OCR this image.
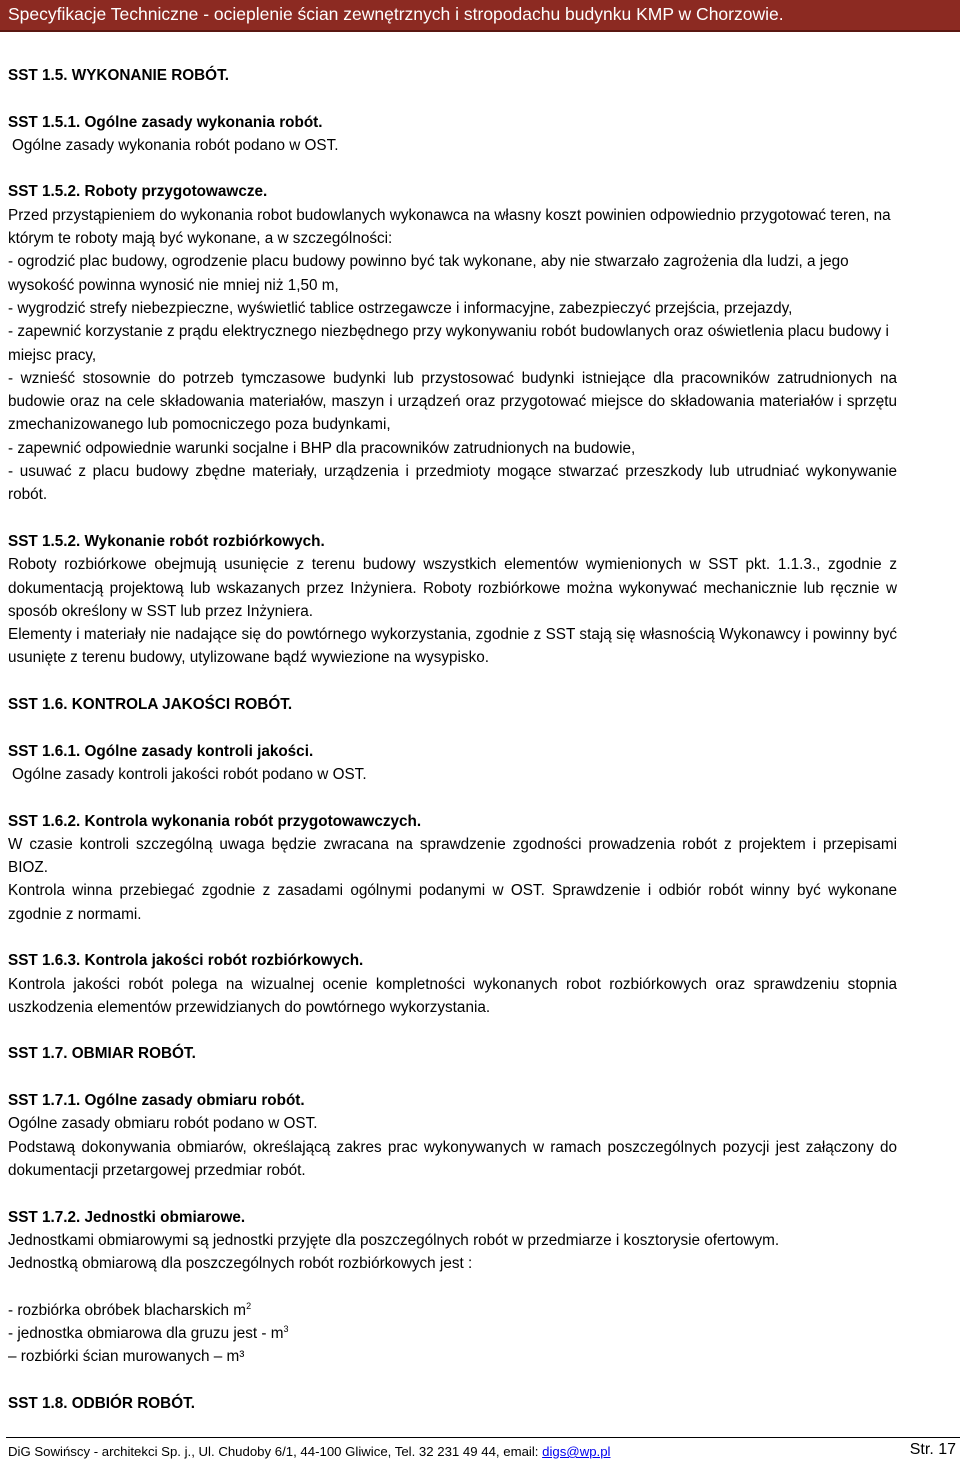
Specyfikacje Techniczne - ocieplenie ścian zewnętrznych i stropodachu budynku KMP w Chorzowie.

SST 1.5. WYKONANIE ROBÓT.

SST 1.5.1. Ogólne zasady wykonania robót.

Ogólne zasady wykonania robót podano w OST.

SST 1.5.2. Roboty przygotowawcze.

Przed przystąpieniem do wykonania robot budowlanych wykonawca na własny koszt powinien odpowiednio przygotować teren, na którym te roboty mają być wykonane, a w szczególności:

- ogrodzić plac budowy, ogrodzenie placu budowy powinno być tak wykonane, aby nie stwarzało zagrożenia dla ludzi, a jego wysokość powinna wynosić nie mniej niż 1,50 m,

- wygrodzić strefy niebezpieczne, wyświetlić tablice ostrzegawcze i informacyjne, zabezpieczyć przejścia, przejazdy,

- zapewnić korzystanie z prądu elektrycznego niezbędnego przy wykonywaniu robót budowlanych oraz oświetlenia placu budowy i miejsc pracy,

- wznieść stosownie do potrzeb tymczasowe budynki lub przystosować budynki istniejące dla pracowników zatrudnionych na budowie oraz na cele składowania materiałów, maszyn i urządzeń oraz przygotować miejsce do składowania materiałów i sprzętu zmechanizowanego lub pomocniczego poza budynkami,

- zapewnić odpowiednie warunki socjalne i BHP dla pracowników zatrudnionych na budowie,

- usuwać z placu budowy zbędne materiały, urządzenia i przedmioty mogące stwarzać przeszkody lub utrudniać wykonywanie robót.

SST 1.5.2. Wykonanie robót rozbiórkowych.

Roboty rozbiórkowe obejmują usunięcie z terenu budowy wszystkich elementów wymienionych w SST pkt. 1.1.3., zgodnie z dokumentacją projektową lub wskazanych przez Inżyniera. Roboty rozbiórkowe można wykonywać mechanicznie lub ręcznie w sposób określony w SST lub przez Inżyniera.

Elementy i materiały nie nadające się do powtórnego wykorzystania, zgodnie z SST stają się własnością Wykonawcy i powinny być usunięte z terenu budowy, utylizowane bądź wywiezione na wysypisko.

SST 1.6. KONTROLA JAKOŚCI ROBÓT.

SST 1.6.1. Ogólne zasady kontroli jakości.

Ogólne zasady kontroli jakości robót podano w OST.

SST 1.6.2. Kontrola wykonania robót przygotowawczych.

W czasie kontroli szczególną uwaga będzie zwracana na sprawdzenie zgodności prowadzenia robót z projektem i przepisami BIOZ.

Kontrola winna przebiegać zgodnie z zasadami ogólnymi podanymi w OST. Sprawdzenie i odbiór robót winny być wykonane zgodnie z normami.

SST 1.6.3. Kontrola jakości robót rozbiórkowych.

Kontrola jakości robót polega na wizualnej ocenie kompletności wykonanych robot rozbiórkowych oraz sprawdzeniu stopnia uszkodzenia elementów przewidzianych do powtórnego wykorzystania.

SST 1.7. OBMIAR ROBÓT.

SST 1.7.1. Ogólne zasady obmiaru robót.

Ogólne zasady obmiaru robót podano w OST.

Podstawą dokonywania obmiarów, określającą zakres prac wykonywanych w ramach poszczególnych pozycji jest załączony do dokumentacji przetargowej przedmiar robót.

SST 1.7.2. Jednostki obmiarowe.

Jednostkami obmiarowymi są jednostki przyjęte dla poszczególnych robót w przedmiarze i kosztorysie ofertowym.

Jednostką obmiarową dla poszczególnych robót rozbiórkowych jest :

- rozbiórka obróbek blacharskich $m^2$

- jednostka obmiarowa dla gruzu jest - $m^3$

– rozbiórki ścian murowanych – m³

SST 1.8. ODBIÓR ROBÓT.

DiG Sowińscy - architekci Sp. j., Ul. Chudoby 6/1, 44-100 Gliwice, Tel. 32 231 49 44, email: digs@wp.pl	Str. 17
